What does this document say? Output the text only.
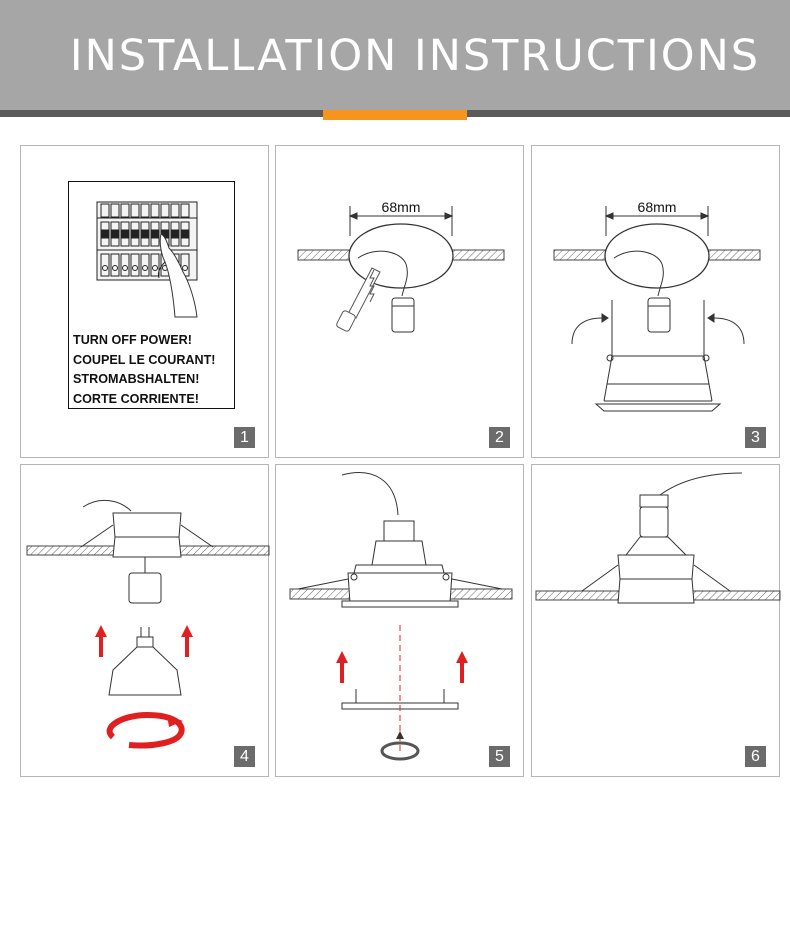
INSTALLATION INSTRUCTIONS
TURN OFF POWER!
COUPEL LE COURANT!
STROMABSHALTEN!
CORTE CORRIENTE!
1
68mm
2
68mm
3
4	5	6
